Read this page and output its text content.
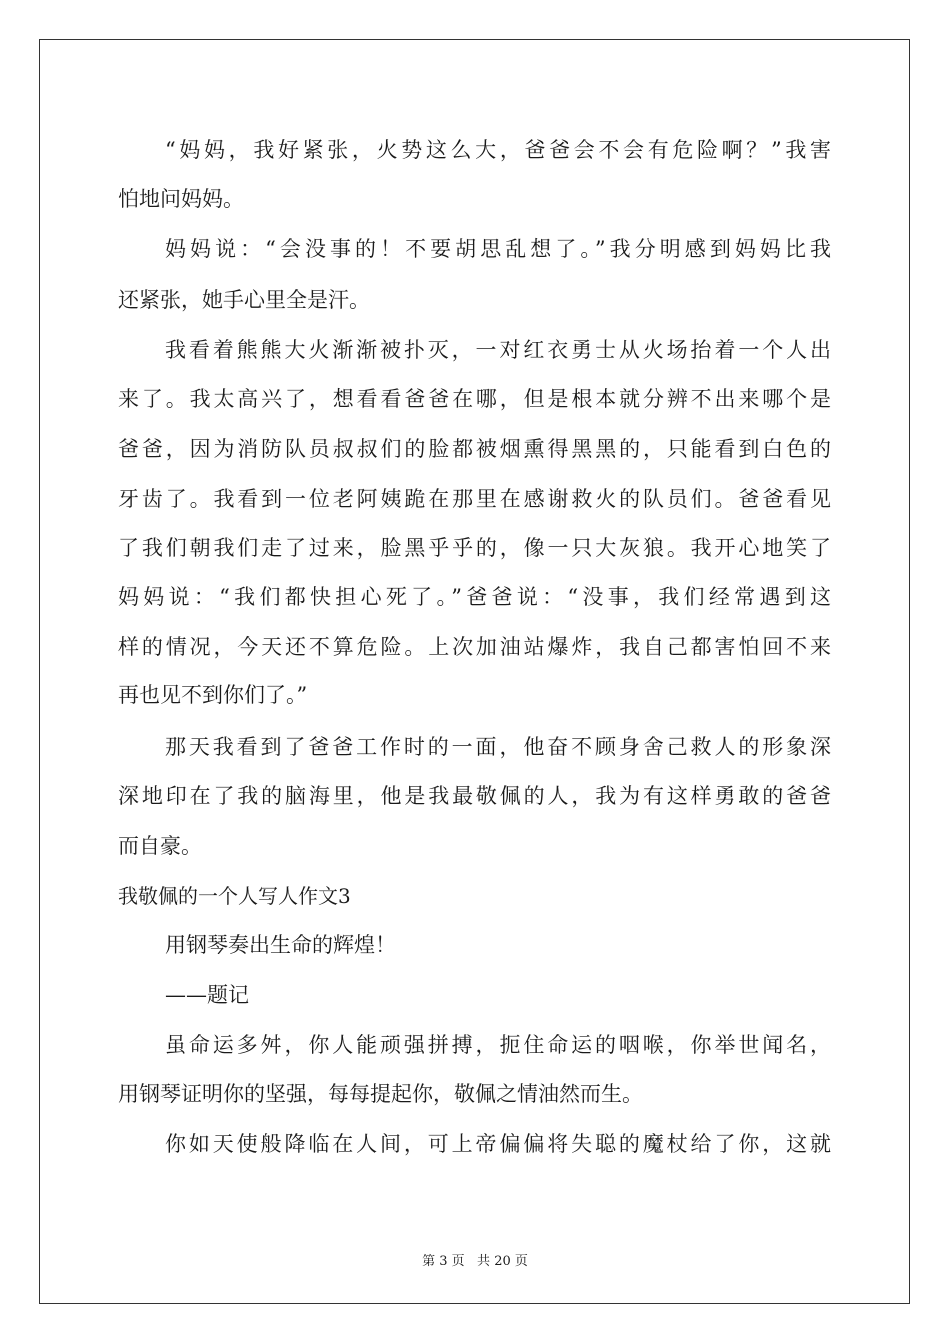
“妈妈，我好紧张，火势这么大，爸爸会不会有危险啊？”我害
怕地问妈妈。
妈妈说：“会没事的！不要胡思乱想了。”我分明感到妈妈比我
还紧张，她手心里全是汗。
我看着熊熊大火渐渐被扑灭，一对红衣勇士从火场抬着一个人出
来了。我太高兴了，想看看爸爸在哪，但是根本就分辨不出来哪个是
爸爸，因为消防队员叔叔们的脸都被烟熏得黑黑的，只能看到白色的
牙齿了。我看到一位老阿姨跪在那里在感谢救火的队员们。爸爸看见
了我们朝我们走了过来，脸黑乎乎的，像一只大灰狼。我开心地笑了
妈妈说：“我们都快担心死了。”爸爸说：“没事，我们经常遇到这
样的情况，今天还不算危险。上次加油站爆炸，我自己都害怕回不来
再也见不到你们了。”
那天我看到了爸爸工作时的一面，他奋不顾身舍己救人的形象深
深地印在了我的脑海里，他是我最敬佩的人，我为有这样勇敢的爸爸
而自豪。
我敬佩的一个人写人作文3
用钢琴奏出生命的辉煌！
——题记
虽命运多舛，你人能顽强拼搏，扼住命运的咽喉，你举世闻名，
用钢琴证明你的坚强，每每提起你，敬佩之情油然而生。
你如天使般降临在人间，可上帝偏偏将失聪的魔杖给了你，这就
第 3 页   共 20 页
